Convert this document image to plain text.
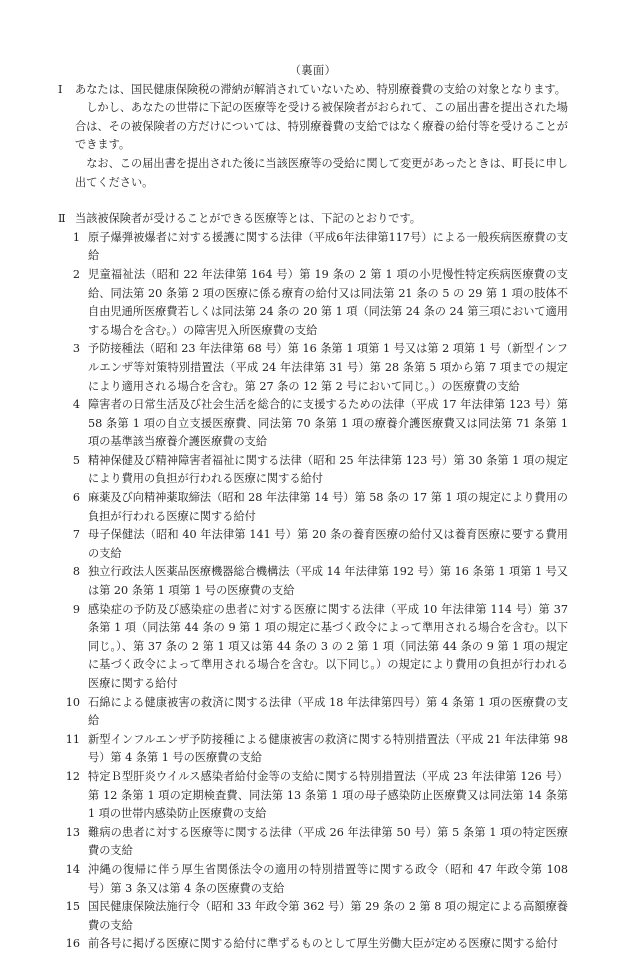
（裏面）
Ⅰ	あなたは、国民健康保険税の滞納が解消されていないため、特別療養費の支給の対象となります。
しかし、あなたの世帯に下記の医療等を受ける被保険者がおられて、この届出書を提出された場合は、その被保険者の方だけについては、特別療養費の支給ではなく療養の給付等を受けることができます。
なお、この届出書を提出された後に当該医療等の受給に関して変更があったときは、町長に申し出てください。
Ⅱ 当該被保険者が受けることができる医療等とは、下記のとおりです。
1 原子爆弾被爆者に対する援護に関する法律（平成6年法律第117号）による一般疾病医療費の支給
2 児童福祉法（昭和 22 年法律第 164 号）第 19 条の 2 第 1 項の小児慢性特定疾病医療費の支給、同法第 20 条第 2 項の医療に係る療育の給付又は同法第 21 条の 5 の 29 第 1 項の肢体不自由児通所医療費若しくは同法第 24 条の 20 第 1 項（同法第 24 条の 24 第三項において適用する場合を含む。）の障害児入所医療費の支給
3 予防接種法（昭和 23 年法律第 68 号）第 16 条第 1 項第 1 号又は第 2 項第 1 号（新型インフルエンザ等対策特別措置法（平成 24 年法律第 31 号）第 28 条第 5 項から第 7 項までの規定により適用される場合を含む。第 27 条の 12 第 2 号において同じ。）の医療費の支給
4 障害者の日常生活及び社会生活を総合的に支援するための法律（平成 17 年法律第 123 号）第 58 条第 1 項の自立支援医療費、同法第 70 条第 1 項の療養介護医療費又は同法第 71 条第 1 項の基準該当療養介護医療費の支給
5 精神保健及び精神障害者福祉に関する法律（昭和 25 年法律第 123 号）第 30 条第 1 項の規定により費用の負担が行われる医療に関する給付
6 麻薬及び向精神薬取締法（昭和 28 年法律第 14 号）第 58 条の 17 第 1 項の規定により費用の負担が行われる医療に関する給付
7 母子保健法（昭和 40 年法律第 141 号）第 20 条の養育医療の給付又は養育医療に要する費用の支給
8 独立行政法人医薬品医療機器総合機構法（平成 14 年法律第 192 号）第 16 条第 1 項第 1 号又は第 20 条第 1 項第 1 号の医療費の支給
9 感染症の予防及び感染症の患者に対する医療に関する法律（平成 10 年法律第 114 号）第 37 条第 1 項（同法第 44 条の 9 第 1 項の規定に基づく政令によって準用される場合を含む。以下同じ。）、第 37 条の 2 第 1 項又は第 44 条の 3 の 2 第 1 項（同法第 44 条の 9 第 1 項の規定に基づく政令によって準用される場合を含む。以下同じ。）の規定により費用の負担が行われる医療に関する給付
10 石綿による健康被害の救済に関する法律（平成 18 年法律第四号）第 4 条第 1 項の医療費の支給
11 新型インフルエンザ予防接種による健康被害の救済に関する特別措置法（平成 21 年法律第 98 号）第 4 条第 1 号の医療費の支給
12 特定Ｂ型肝炎ウイルス感染者給付金等の支給に関する特別措置法（平成 23 年法律第 126 号）第 12 条第 1 項の定期検査費、同法第 13 条第 1 項の母子感染防止医療費又は同法第 14 条第 1 項の世帯内感染防止医療費の支給
13 難病の患者に対する医療等に関する法律（平成 26 年法律第 50 号）第 5 条第 1 項の特定医療費の支給
14 沖縄の復帰に伴う厚生省関係法令の適用の特別措置等に関する政令（昭和 47 年政令第 108 号）第 3 条又は第 4 条の医療費の支給
15 国民健康保険法施行令（昭和 33 年政令第 362 号）第 29 条の 2 第 8 項の規定による高額療養費の支給
16 前各号に掲げる医療に関する給付に準ずるものとして厚生労働大臣が定める医療に関する給付
